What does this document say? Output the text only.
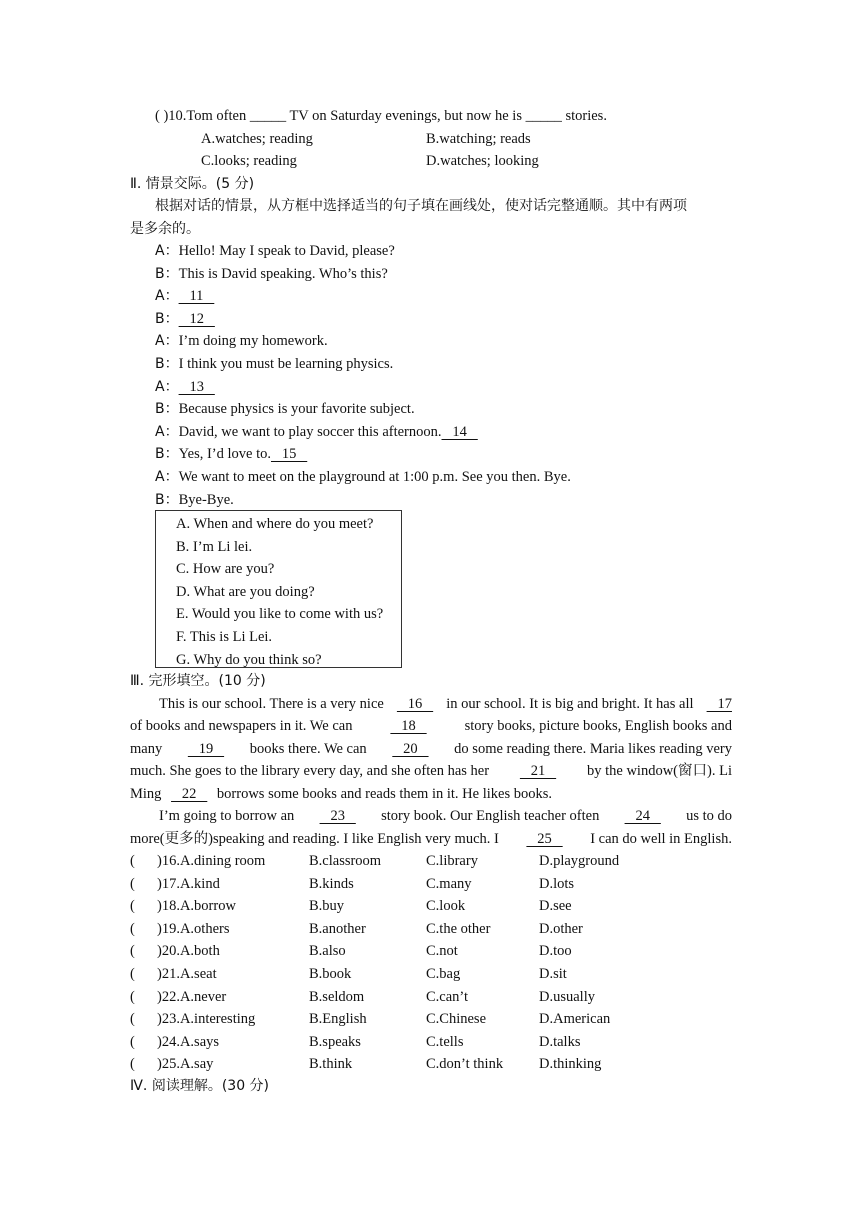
( )10.Tom often _____ TV on Saturday evenings, but now he is _____ stories.
A.watches; reading	B.watching; reads
C.looks; reading	D.watches; looking
Ⅱ. 情景交际。(5 分)
根据对话的情景，从方框中选择适当的句子填在画线处，使对话完整通顺。其中有两项
是多余的。
A：Hello! May I speak to David, please?
B：This is David speaking. Who’s this?
A：   11
B：   12
A：I’m doing my homework.
B：I think you must be learning physics.
A：   13
B：Because physics is your favorite subject.
A：David, we want to play soccer this afternoon.   14
B：Yes, I’d love to.   15
A：We want to meet on the playground at 1:00 p.m. See you then. Bye.
B：Bye-Bye.
A. When and where do you meet?
B. I’m Li lei.
C. How are you?
D. What are you doing?
E. Would you like to come with us?
F. This is Li Lei.
G. Why do you think so?
Ⅲ. 完形填空。(10 分)
This is our school. There is a very nice 16 in our school. It is big and bright. It has all 17
of books and newspapers in it. We can	18	story books, picture books, English books and
many 19 books there. We can 20 do some reading there. Maria likes reading very
much. She goes to the library every day, and she often has her 21 by the window(窗口). Li
Ming    22    borrows some books and reads them in it. He likes books.
I’m going to borrow an 23 story book. Our English teacher often 24 us to do
more(更多的)speaking and reading. I like English very much. I 25 I can do well in English.
( )16.A.dining room	B.classroom	C.library	D.playground
( )17.A.kind	B.kinds	C.many	D.lots
( )18.A.borrow	B.buy	C.look	D.see
( )19.A.others	B.another	C.the other	D.other
( )20.A.both	B.also	C.not	D.too
( )21.A.seat	B.book	C.bag	D.sit
( )22.A.never	B.seldom	C.can’t	D.usually
( )23.A.interesting	B.English	C.Chinese	D.American
( )24.A.says	B.speaks	C.tells	D.talks
( )25.A.say	B.think	C.don’t think D.thinking
Ⅳ. 阅读理解。(30 分)
